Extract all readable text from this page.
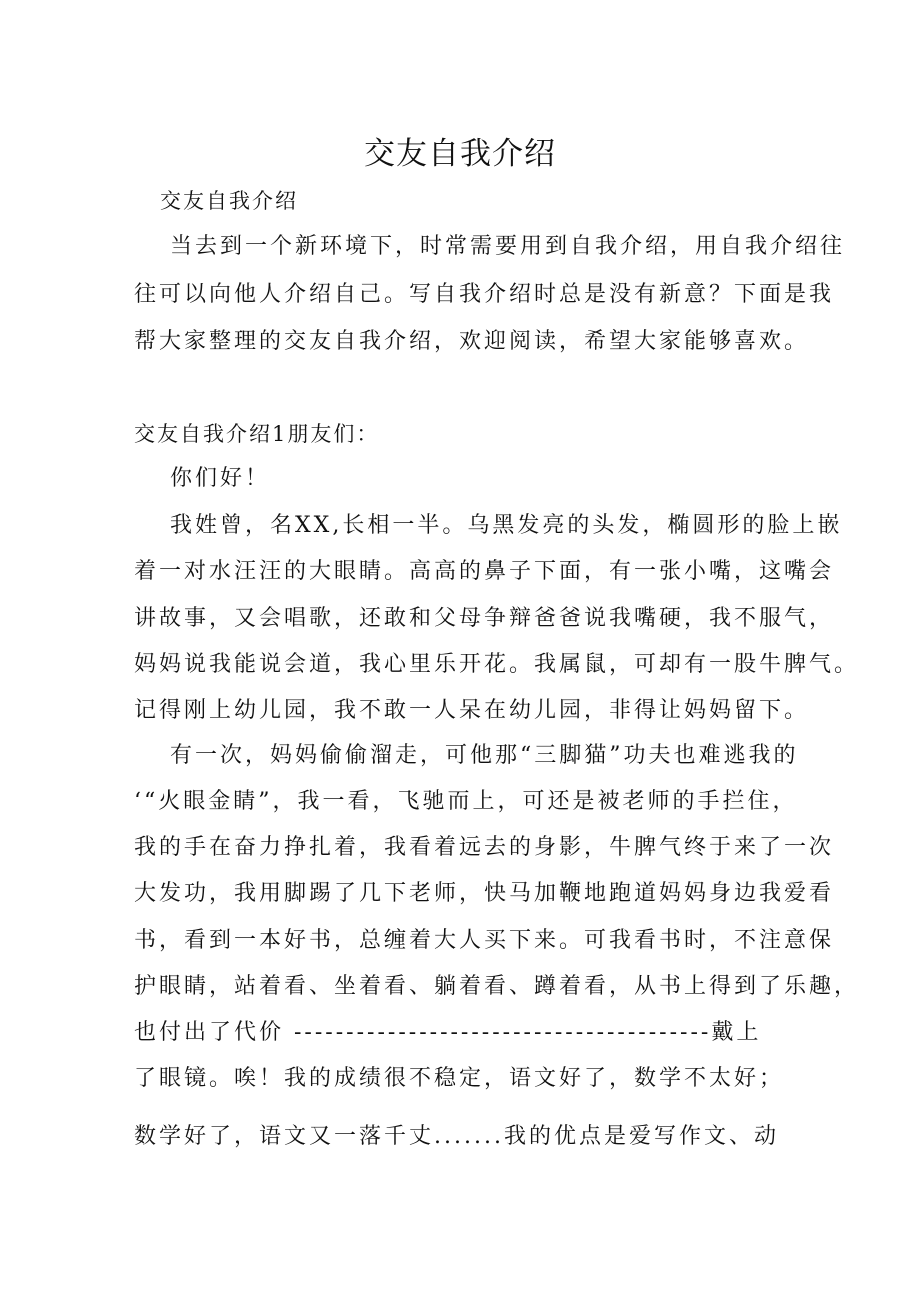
交友自我介绍
交友自我介绍
当去到一个新环境下，时常需要用到自我介绍，用自我介绍往
往可以向他人介绍自己。写自我介绍时总是没有新意？下面是我
帮大家整理的交友自我介绍，欢迎阅读，希望大家能够喜欢。
交友自我介绍1朋友们：
你们好！
我姓曾，名XX,长相一半。乌黑发亮的头发，椭圆形的脸上嵌
着一对水汪汪的大眼睛。高高的鼻子下面，有一张小嘴，这嘴会
讲故事，又会唱歌，还敢和父母争辩爸爸说我嘴硬，我不服气，
妈妈说我能说会道，我心里乐开花。我属鼠，可却有一股牛脾气。
记得刚上幼儿园，我不敢一人呆在幼儿园，非得让妈妈留下。
有一次，妈妈偷偷溜走，可他那“三脚猫”功夫也难逃我的
‘“火眼金睛”，我一看，飞驰而上，可还是被老师的手拦住，
我的手在奋力挣扎着，我看着远去的身影，牛脾气终于来了一次
大发功，我用脚踢了几下老师，快马加鞭地跑道妈妈身边我爱看
书，看到一本好书，总缠着大人买下来。可我看书时，不注意保
护眼睛，站着看、坐着看、躺着看、蹲着看，从书上得到了乐趣，
也付出了代价 ----------------------------------------戴上
了眼镜。唉！我的成绩很不稳定，语文好了，数学不太好；
数学好了，语文又一落千丈.......我的优点是爱写作文、动
